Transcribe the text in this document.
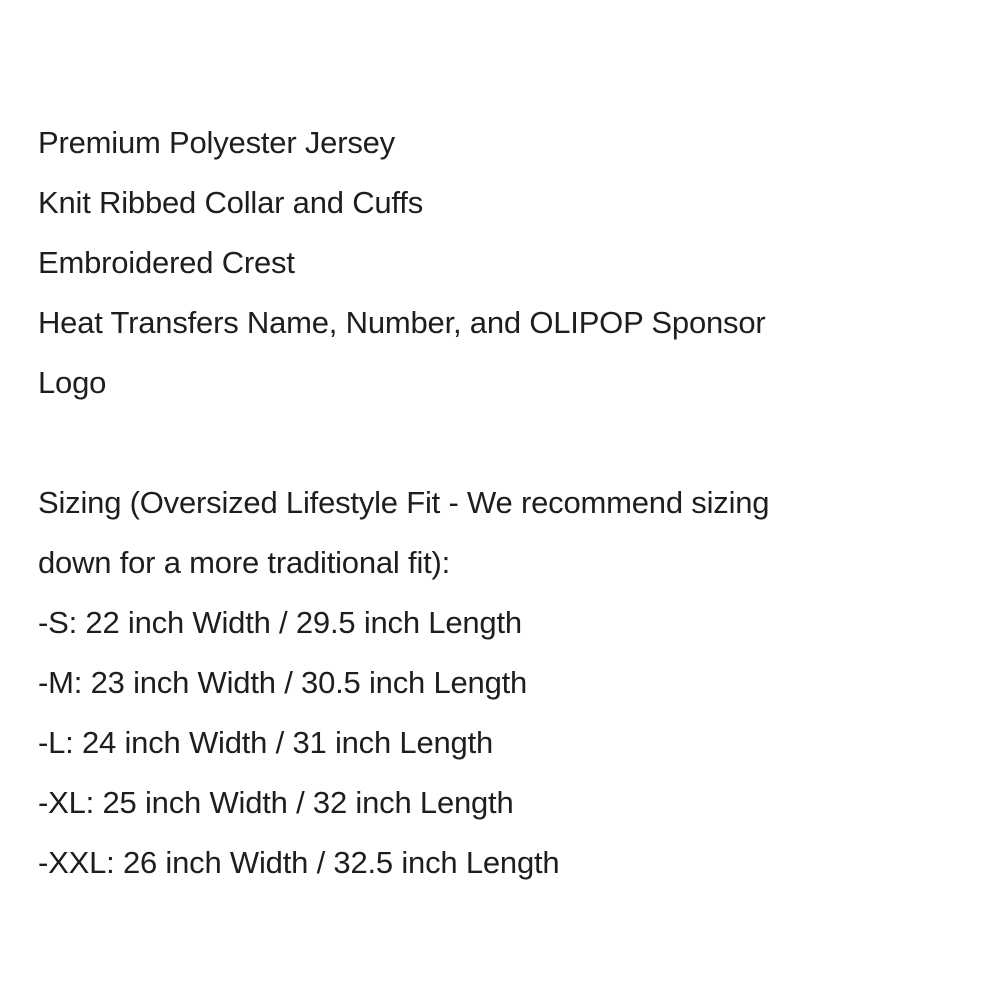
Premium Polyester Jersey
Knit Ribbed Collar and Cuffs
Embroidered Crest
Heat Transfers Name, Number, and OLIPOP Sponsor
Logo
Sizing (Oversized Lifestyle Fit - We recommend sizing
down for a more traditional fit):
-S: 22 inch Width / 29.5 inch Length
-M: 23 inch Width / 30.5 inch Length
-L: 24 inch Width / 31 inch Length
-XL: 25 inch Width / 32 inch Length
-XXL: 26 inch Width / 32.5 inch Length
